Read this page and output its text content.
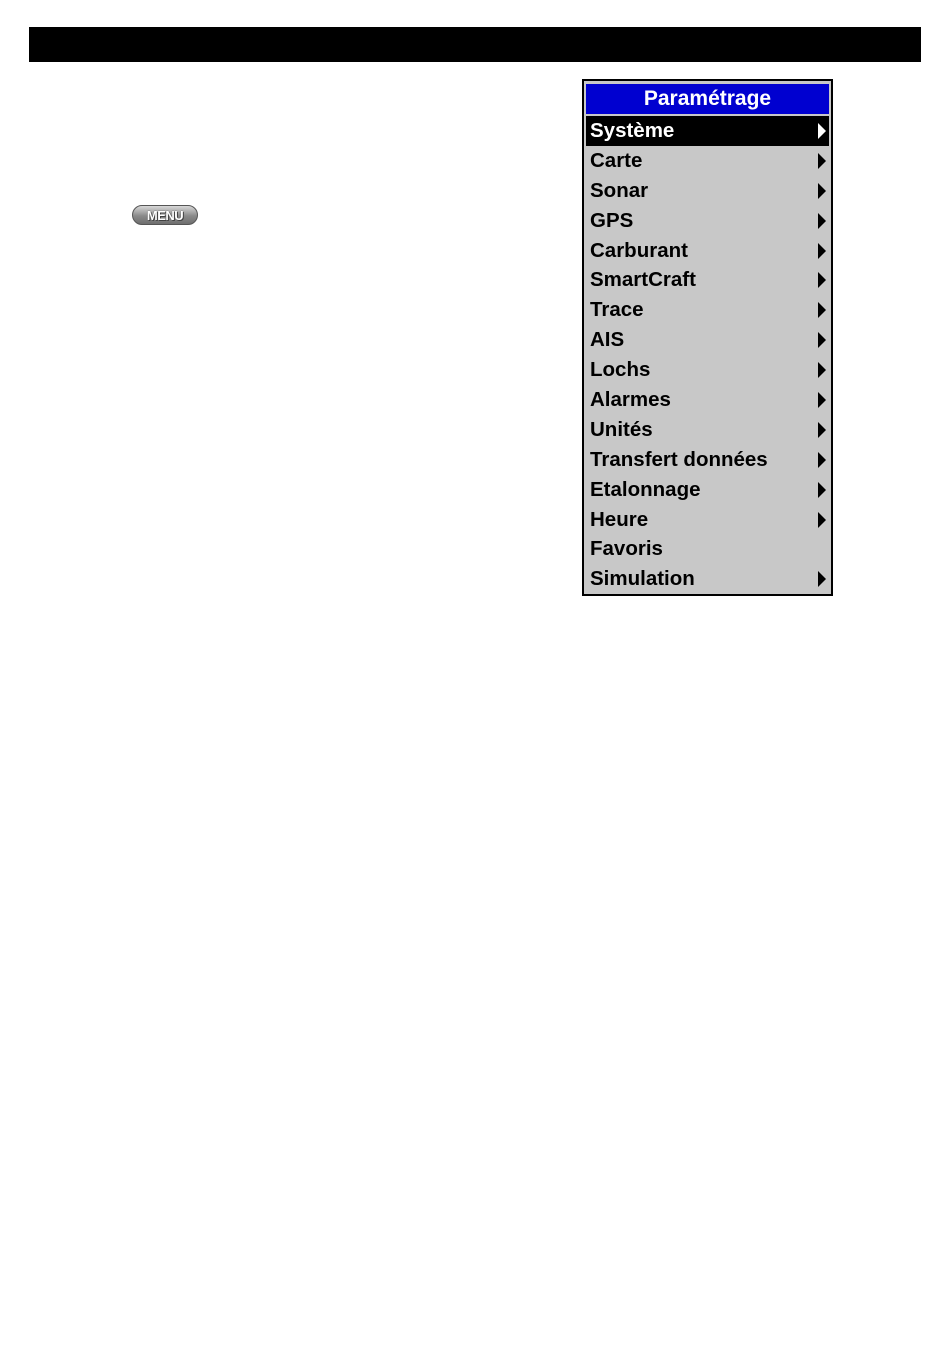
MENU
Paramétrage
Système
Carte
Sonar
GPS
Carburant
SmartCraft
Trace
AIS
Lochs
Alarmes
Unités
Transfert données
Etalonnage
Heure
Favoris
Simulation
